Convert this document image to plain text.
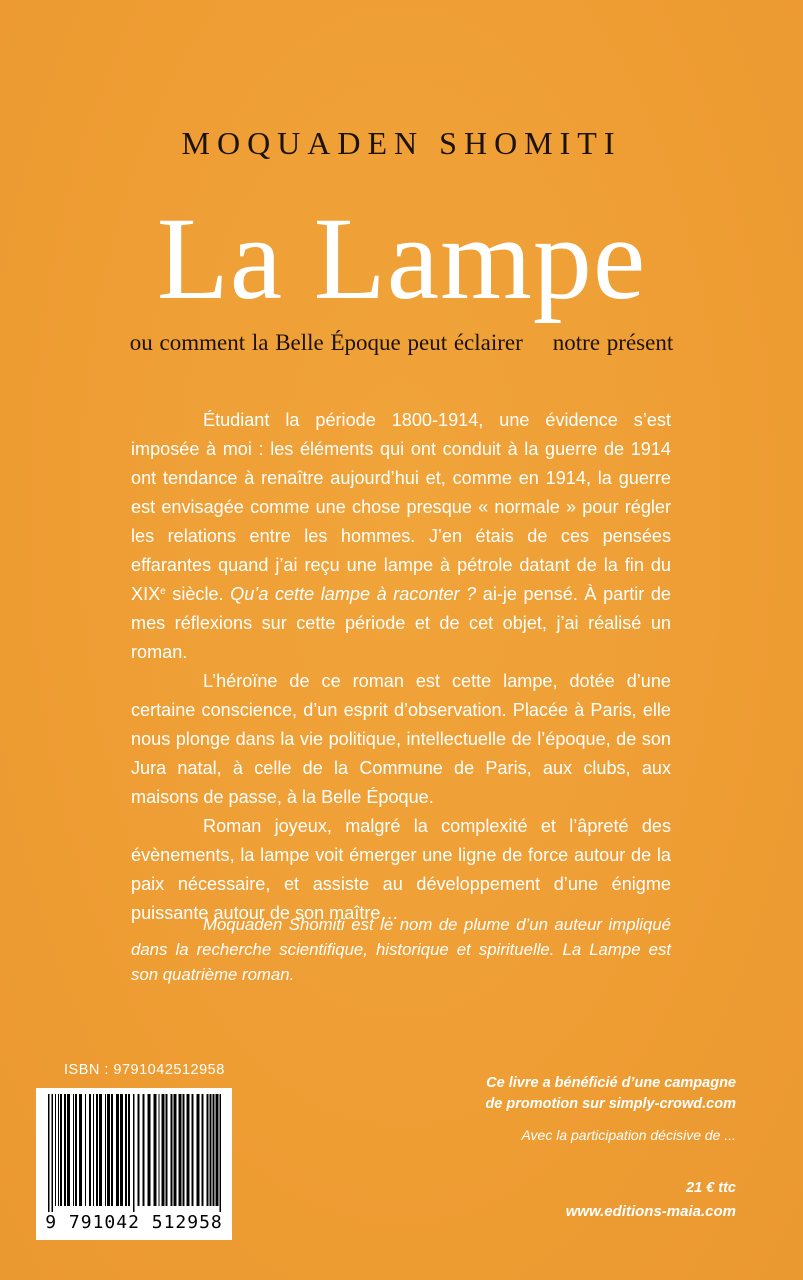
MOQUADEN SHOMITI
La Lampe
ou comment la Belle Époque peut éclairer notre présent

Étudiant la période 1800-1914, une évidence s’est imposée à moi : les éléments qui ont conduit à la guerre de 1914 ont tendance à renaître aujourd’hui et, comme en 1914, la guerre est envisagée comme une chose presque « normale » pour régler les relations entre les hommes. J’en étais de ces pensées effarantes quand j’ai reçu une lampe à pétrole datant de la fin du XIXe siècle. Qu’a cette lampe à raconter ? ai-je pensé. À partir de mes réflexions sur cette période et de cet objet, j’ai réalisé un roman.

L’héroïne de ce roman est cette lampe, dotée d’une certaine conscience, d’un esprit d’observation. Placée à Paris, elle nous plonge dans la vie politique, intellectuelle de l’époque, de son Jura natal, à celle de la Commune de Paris, aux clubs, aux maisons de passe, à la Belle Époque.

Roman joyeux, malgré la complexité et l’âpreté des évènements, la lampe voit émerger une ligne de force autour de la paix nécessaire, et assiste au développement d’une énigme puissante autour de son maître…

Moquaden Shomiti est le nom de plume d’un auteur impliqué dans la recherche scientifique, historique et spirituelle. La Lampe est son quatrième roman.
ISBN : 9791042512958
9 791042 512958
Ce livre a bénéficié d’une campagne
de promotion sur simply-crowd.com
Avec la participation décisive de ...
21 € ttc
www.editions-maia.com
